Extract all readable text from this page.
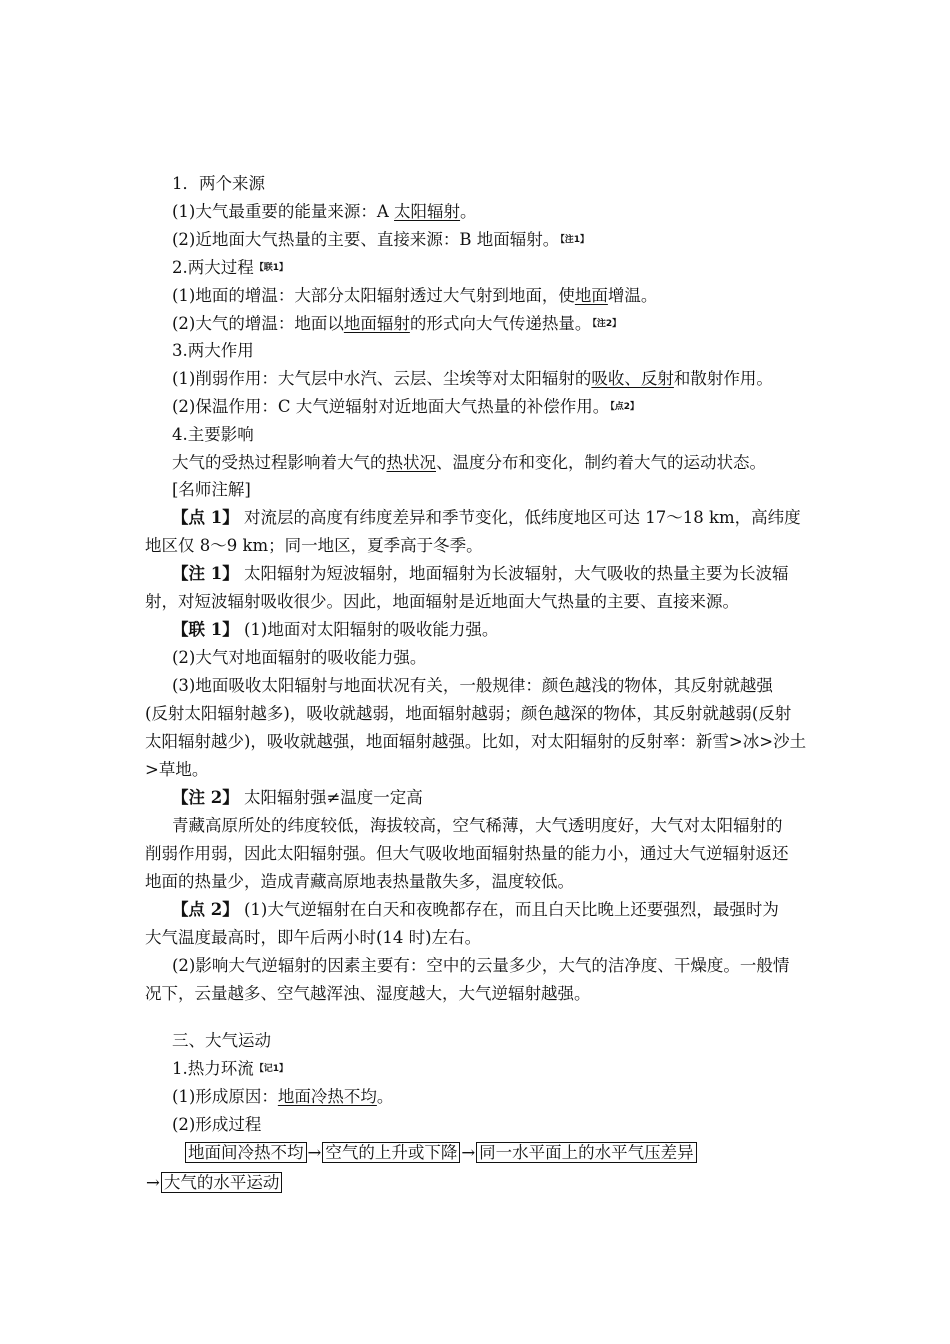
1．两个来源
(1)大气最重要的能量来源：A 太阳辐射。
(2)近地面大气热量的主要、直接来源：B 地面辐射。【注1】
2.两大过程【联1】
(1)地面的增温：大部分太阳辐射透过大气射到地面，使地面增温。
(2)大气的增温：地面以地面辐射的形式向大气传递热量。【注2】
3.两大作用
(1)削弱作用：大气层中水汽、云层、尘埃等对太阳辐射的吸收、反射和散射作用。
(2)保温作用：C 大气逆辐射对近地面大气热量的补偿作用。【点2】
4.主要影响
大气的受热过程影响着大气的热状况、温度分布和变化，制约着大气的运动状态。
[名师注解]
【点 1】 对流层的高度有纬度差异和季节变化，低纬度地区可达 17～18 km，高纬度
地区仅 8～9 km；同一地区，夏季高于冬季。
【注 1】 太阳辐射为短波辐射，地面辐射为长波辐射，大气吸收的热量主要为长波辐
射，对短波辐射吸收很少。因此，地面辐射是近地面大气热量的主要、直接来源。
【联 1】 (1)地面对太阳辐射的吸收能力强。
(2)大气对地面辐射的吸收能力强。
(3)地面吸收太阳辐射与地面状况有关，一般规律：颜色越浅的物体，其反射就越强
(反射太阳辐射越多)，吸收就越弱，地面辐射越弱；颜色越深的物体，其反射就越弱(反射
太阳辐射越少)，吸收就越强，地面辐射越强。比如，对太阳辐射的反射率：新雪>冰>沙土
>草地。
【注 2】 太阳辐射强≠温度一定高
青藏高原所处的纬度较低，海拔较高，空气稀薄，大气透明度好，大气对太阳辐射的
削弱作用弱，因此太阳辐射强。但大气吸收地面辐射热量的能力小，通过大气逆辐射返还
地面的热量少，造成青藏高原地表热量散失多，温度较低。
【点 2】 (1)大气逆辐射在白天和夜晚都存在，而且白天比晚上还要强烈，最强时为
大气温度最高时，即午后两小时(14 时)左右。
(2)影响大气逆辐射的因素主要有：空中的云量多少，大气的洁净度、干燥度。一般情
况下，云量越多、空气越浑浊、湿度越大，大气逆辐射越强。
三、大气运动
1.热力环流【记1】
(1)形成原因：地面冷热不均。
(2)形成过程
地面间冷热不均 → 空气的上升或下降 → 同一水平面上的水平气压差异
→ 大气的水平运动
